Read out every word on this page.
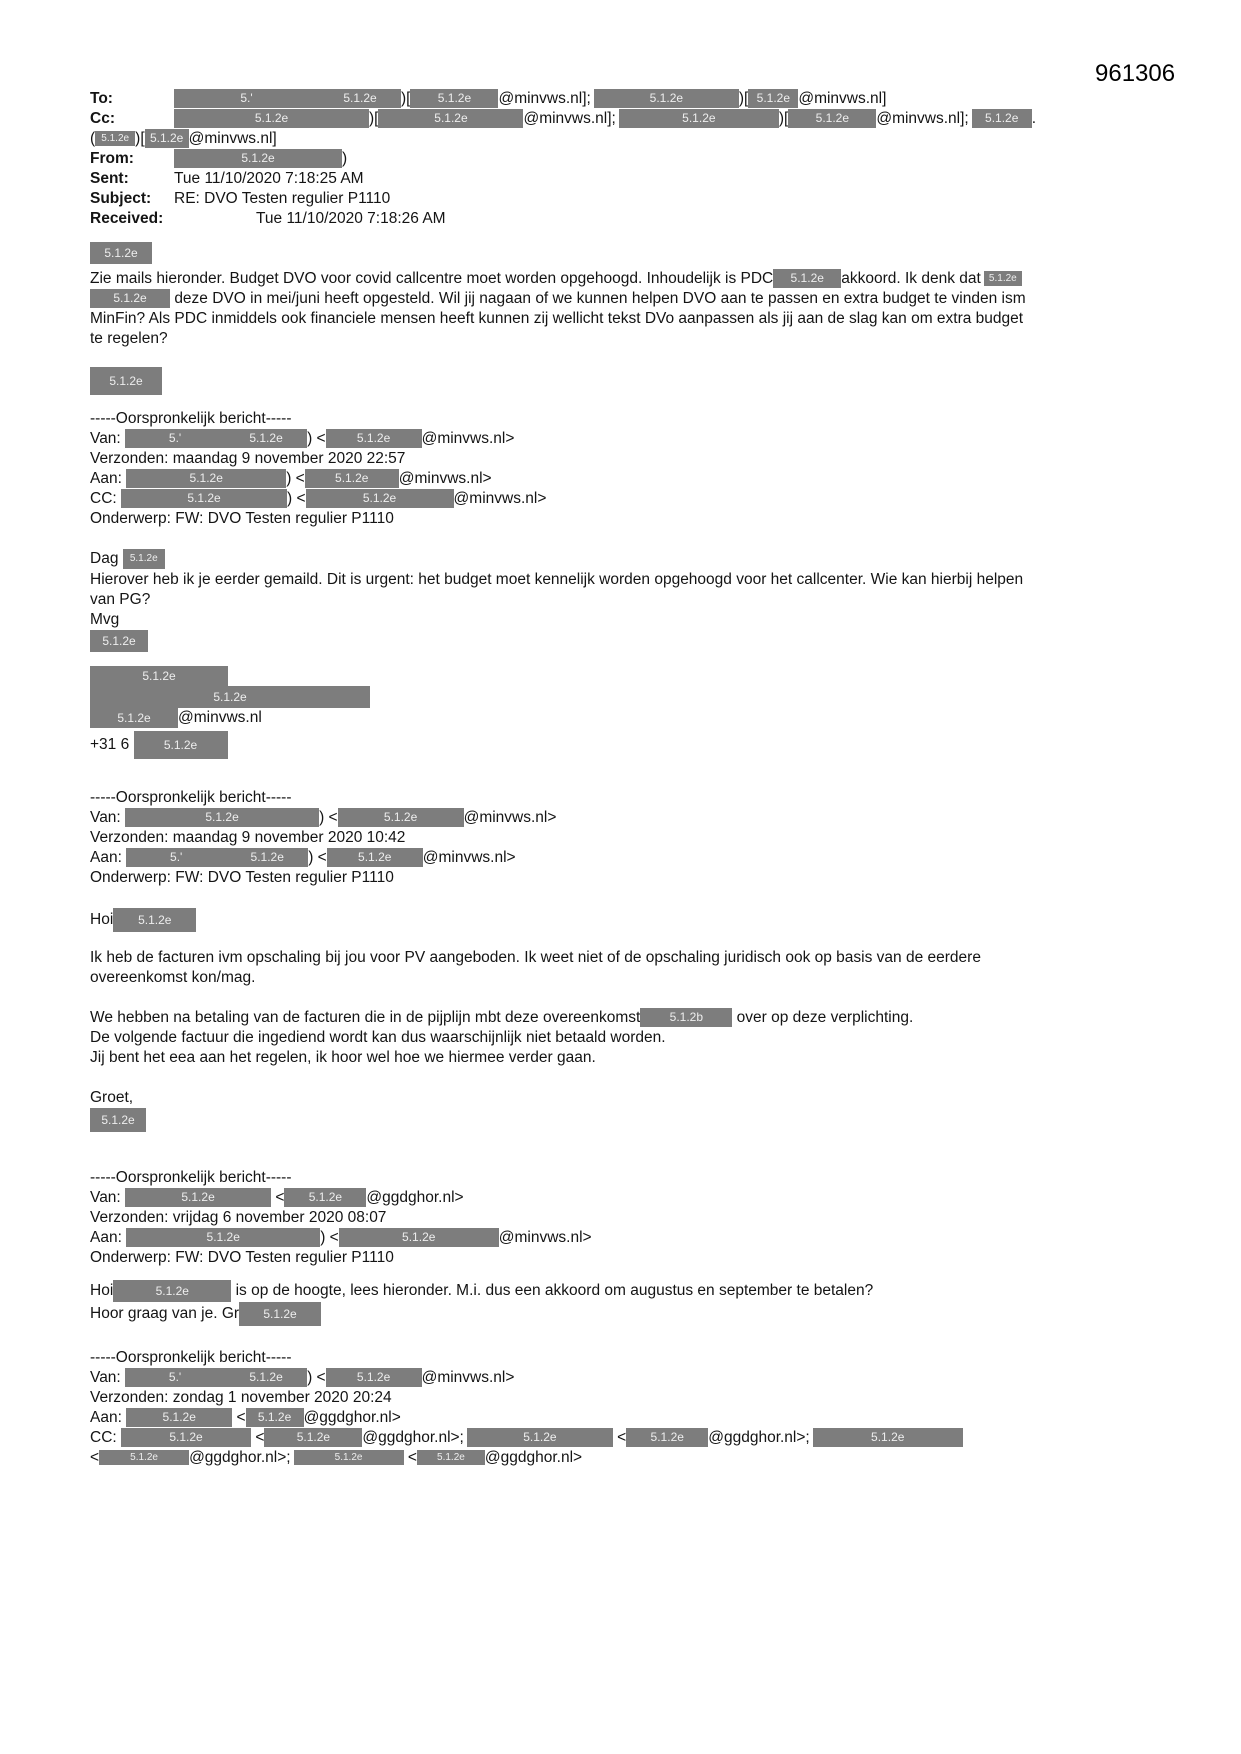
961306
To:	5.'	5.1.2e )[ 5.1.2e @minvws.nl];	5.1.2e	)[ 5.1.2e @minvws.nl]
Cc:	5.1.2e	)[	5.1.2e	@minvws.nl];	5.1.2e	)[ 5.1.2e @minvws.nl]; 5.1.2e .
( 5.1.2e )[ 5.1.2e @minvws.nl]
From:	5.1.2e	)
Sent:	Tue 11/10/2020 7:18:25 AM
Subject: RE: DVO Testen regulier P1110
Received:	Tue 11/10/2020 7:18:26 AM
5.1.2e
Zie mails hieronder. Budget DVO voor covid callcentre moet worden opgehoogd. Inhoudelijk is PDC 5.1.2e akkoord. Ik denk dat 5.1.2e
5.1.2e deze DVO in mei/juni heeft opgesteld. Wil jij nagaan of we kunnen helpen DVO aan te passen en extra budget te vinden ism
MinFin? Als PDC inmiddels ook financiele mensen heeft kunnen zij wellicht tekst DVo aanpassen als jij aan de slag kan om extra budget
te regelen?
5.1.2e
-----Oorspronkelijk bericht-----
Van:	5.'	5.1.2e ) <	5.1.2e @minvws.nl>
Verzonden: maandag 9 november 2020 22:57
Aan:	5.1.2e	) <	5.1.2e @minvws.nl>
CC:	5.1.2e	) <	5.1.2e	@minvws.nl>
Onderwerp: FW: DVO Testen regulier P1110
Dag 5.1.2e
Hierover heb ik je eerder gemaild. Dit is urgent: het budget moet kennelijk worden opgehoogd voor het callcenter. Wie kan hierbij helpen
van PG?
Mvg
5.1.2e
5.1.2e
5.1.2e
5.1.2e @minvws.nl
+31 6	5.1.2e
-----Oorspronkelijk bericht-----
Van:	5.1.2e	) <	5.1.2e	@minvws.nl>
Verzonden: maandag 9 november 2020 10:42
Aan:	5.'	5.1.2e ) <	5.1.2e @minvws.nl>
Onderwerp: FW: DVO Testen regulier P1110
Hoi 5.1.2e
Ik heb de facturen ivm opschaling bij jou voor PV aangeboden. Ik weet niet of de opschaling juridisch ook op basis van de eerdere
overeenkomst kon/mag.
We hebben na betaling van de facturen die in de pijplijn mbt deze overeenkomst 5.1.2b over op deze verplichting.
De volgende factuur die ingediend wordt kan dus waarschijnlijk niet betaald worden.
Jij bent het eea aan het regelen, ik hoor wel hoe we hiermee verder gaan.
Groet,
5.1.2e
-----Oorspronkelijk bericht-----
Van:	5.1.2e	< 5.1.2e @ggdghor.nl>
Verzonden: vrijdag 6 november 2020 08:07
Aan:	5.1.2e	) <	5.1.2e	@minvws.nl>
Onderwerp: FW: DVO Testen regulier P1110
Hoi	5.1.2e	is op de hoogte, lees hieronder. M.i. dus een akkoord om augustus en september te betalen?
Hoor graag van je. Gr 5.1.2e
-----Oorspronkelijk bericht-----
Van:	5.'	5.1.2e ) <	5.1.2e @minvws.nl>
Verzonden: zondag 1 november 2020 20:24
Aan:	5.1.2e < 5.1.2e @ggdghor.nl>
CC:	5.1.2e	<	5.1.2e @ggdghor.nl>;	5.1.2e	< 5.1.2e @ggdghor.nl>;	5.1.2e
<	5.1.2e @ggdghor.nl>;	5.1.2e	< 5.1.2e @ggdghor.nl>
